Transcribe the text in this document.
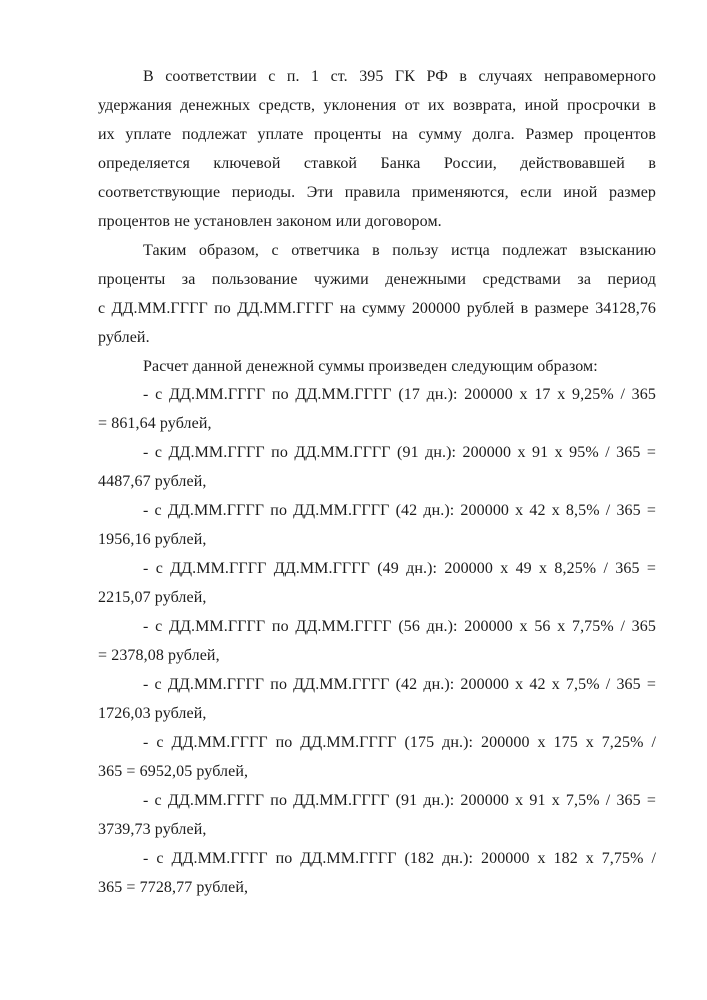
В соответствии с п. 1 ст. 395 ГК РФ в случаях неправомерного
удержания денежных средств, уклонения от их возврата, иной просрочки в
их уплате подлежат уплате проценты на сумму долга. Размер процентов
определяется ключевой ставкой Банка России, действовавшей в
соответствующие периоды. Эти правила применяются, если иной размер
процентов не установлен законом или договором.
Таким образом, с ответчика в пользу истца подлежат взысканию
проценты за пользование чужими денежными средствами за период
с ДД.ММ.ГГГГ по ДД.ММ.ГГГГ на сумму 200000 рублей в размере 34128,76
рублей.
Расчет данной денежной суммы произведен следующим образом:
- с ДД.ММ.ГГГГ по ДД.ММ.ГГГГ (17 дн.): 200000 х 17 х 9,25% / 365
= 861,64 рублей,
- с ДД.ММ.ГГГГ по ДД.ММ.ГГГГ (91 дн.): 200000 х 91 х 95% / 365 =
4487,67 рублей,
- с ДД.ММ.ГГГГ по ДД.ММ.ГГГГ (42 дн.): 200000 х 42 х 8,5% / 365 =
1956,16 рублей,
- с ДД.ММ.ГГГГ ДД.ММ.ГГГГ (49 дн.): 200000 х 49 х 8,25% / 365 =
2215,07 рублей,
- с ДД.ММ.ГГГГ по ДД.ММ.ГГГГ (56 дн.): 200000 х 56 х 7,75% / 365
= 2378,08 рублей,
- с ДД.ММ.ГГГГ по ДД.ММ.ГГГГ (42 дн.): 200000 х 42 х 7,5% / 365 =
1726,03 рублей,
- с ДД.ММ.ГГГГ по ДД.ММ.ГГГГ (175 дн.): 200000 х 175 х 7,25% /
365 = 6952,05 рублей,
- с ДД.ММ.ГГГГ по ДД.ММ.ГГГГ (91 дн.): 200000 х 91 х 7,5% / 365 =
3739,73 рублей,
- с ДД.ММ.ГГГГ по ДД.ММ.ГГГГ (182 дн.): 200000 х 182 х 7,75% /
365 = 7728,77 рублей,
